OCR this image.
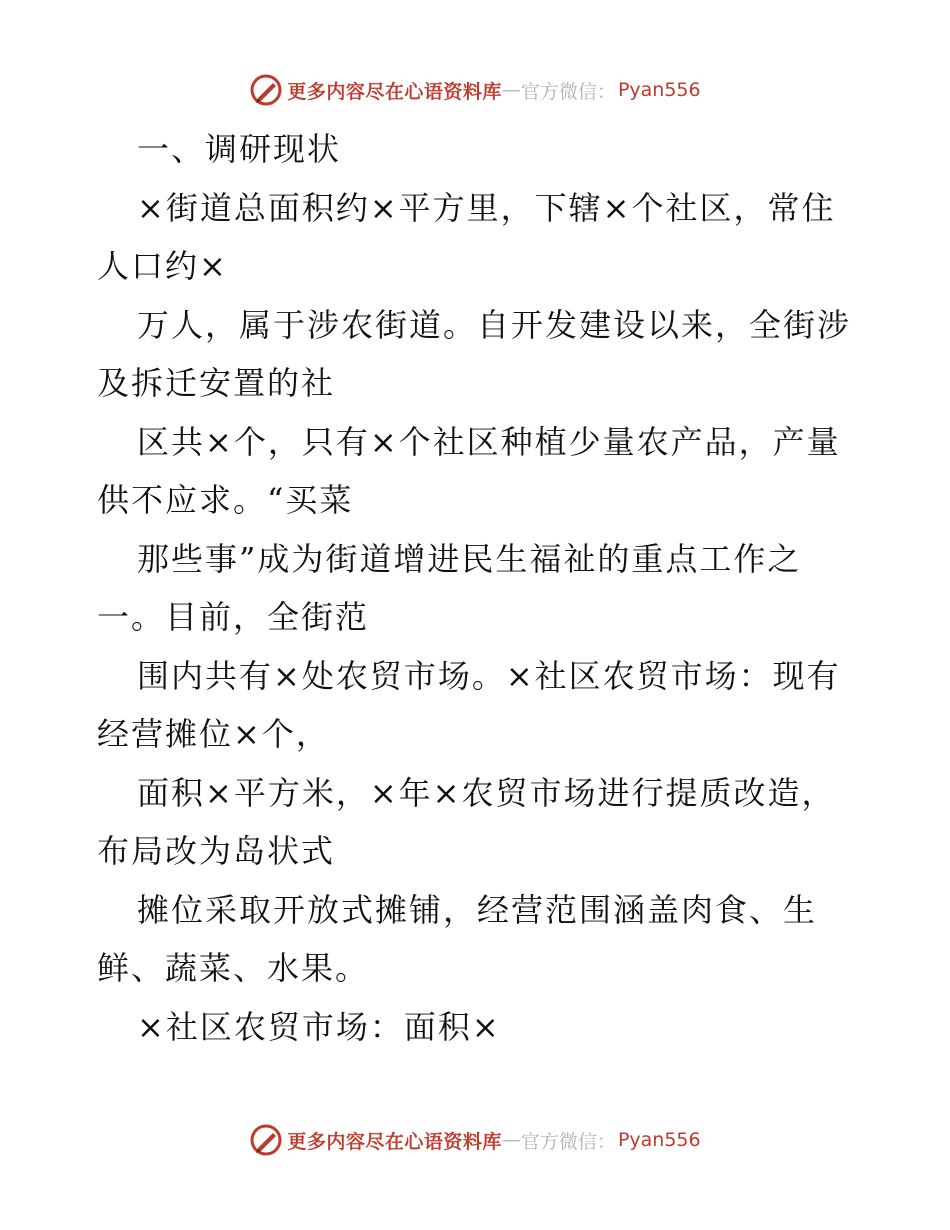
更多内容尽在心语资料库 — 官方微信： Pyan556
一、调研现状
×街道总面积约×平方里，下辖×个社区，常住
人口约×
万人，属于涉农街道。自开发建设以来，全街涉
及拆迁安置的社
区共×个，只有×个社区种植少量农产品，产量
供不应求。“买菜
那些事”成为街道增进民生福祉的重点工作之
一。目前，全街范
围内共有×处农贸市场。×社区农贸市场：现有
经营摊位×个，
面积×平方米，×年×农贸市场进行提质改造，
布局改为岛状式
摊位采取开放式摊铺，经营范围涵盖肉食、生
鲜、蔬菜、水果。
×社区农贸市场：面积×
更多内容尽在心语资料库 — 官方微信： Pyan556
